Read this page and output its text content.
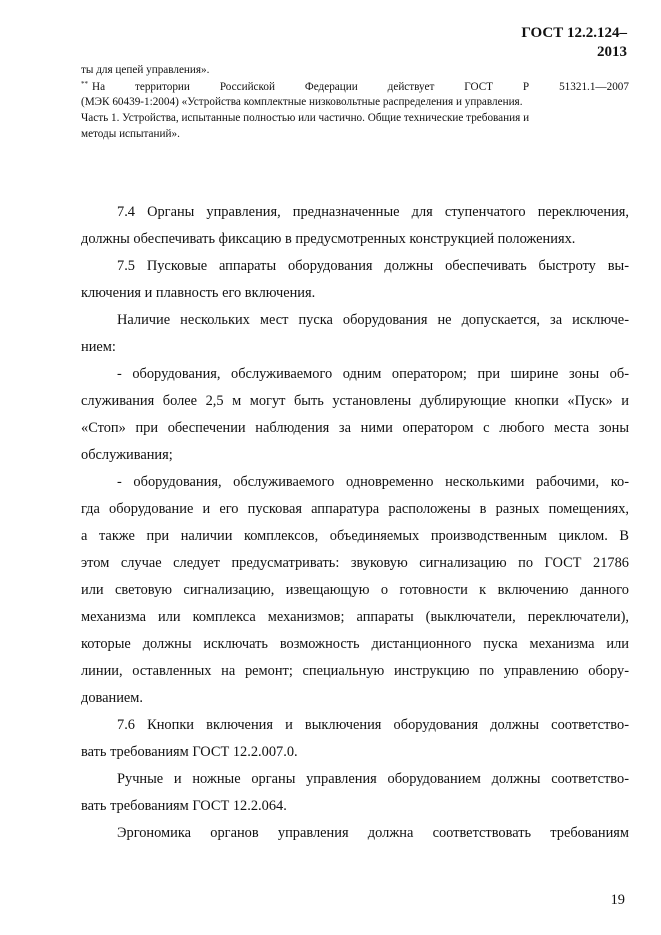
ГОСТ 12.2.124–
2013
ты для цепей управления».
** На территории Российской Федерации действует ГОСТ Р 51321.1—2007
(МЭК 60439-1:2004) «Устройства комплектные низковольтные распределения и управления.
Часть 1. Устройства, испытанные полностью или частично. Общие технические требования и
методы испытаний».
7.4 Органы управления, предназначенные для ступенчатого переключения,
должны обеспечивать фиксацию в предусмотренных конструкцией положениях.
7.5 Пусковые аппараты оборудования должны обеспечивать быстроту вы-
ключения и плавность его включения.
Наличие нескольких мест пуска оборудования не допускается, за исключе-
нием:
- оборудования, обслуживаемого одним оператором; при ширине зоны об-
служивания более 2,5 м могут быть установлены дублирующие кнопки «Пуск» и
«Стоп» при обеспечении наблюдения за ними оператором с любого места зоны
обслуживания;
- оборудования, обслуживаемого одновременно несколькими рабочими, ко-
гда оборудование и его пусковая аппаратура расположены в разных помещениях,
а также при наличии комплексов, объединяемых производственным циклом. В
этом случае следует предусматривать: звуковую сигнализацию по ГОСТ 21786
или световую сигнализацию, извещающую о готовности к включению данного
механизма или комплекса механизмов; аппараты (выключатели, переключатели),
которые должны исключать возможность дистанционного пуска механизма или
линии, оставленных на ремонт; специальную инструкцию по управлению обору-
дованием.
7.6 Кнопки включения и выключения оборудования должны соответство-
вать требованиям ГОСТ 12.2.007.0.
Ручные и ножные органы управления оборудованием должны соответство-
вать требованиям ГОСТ 12.2.064.
Эргономика органов управления должна соответствовать требованиям
19
